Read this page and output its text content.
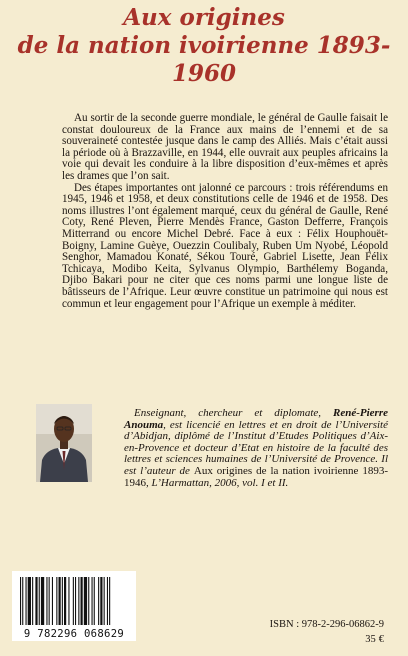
Aux origines
de la nation ivoirienne 1893-1960

Au sortir de la seconde guerre mondiale, le général de Gaulle faisait le constat douloureux de la France aux mains de l’ennemi et de sa souveraineté contestée jusque dans le camp des Alliés. Mais c’était aussi la période où à Brazzaville, en 1944, elle ouvrait aux peuples africains la voie qui devait les conduire à la libre disposition d’eux-mêmes et après les drames que l’on sait.

Des étapes importantes ont jalonné ce parcours : trois référendums en 1945, 1946 et 1958, et deux constitutions celle de 1946 et de 1958. Des noms illustres l’ont également marqué, ceux du général de Gaulle, René Coty, René Pleven, Pierre Mendès France, Gaston Defferre, François Mitterrand ou encore Michel Debré. Face à eux : Félix Houphouët-Boigny, Lamine Guèye, Ouezzin Coulibaly, Ruben Um Nyobé, Léopold Senghor, Mamadou Konaté, Sékou Touré, Gabriel Lisette, Jean Félix Tchicaya, Modibo Keita, Sylvanus Olympio, Barthélemy Boganda, Djibo Bakari pour ne citer que ces noms parmi une longue liste de bâtisseurs de l’Afrique. Leur œuvre constitue un patrimoine qui nous est commun et leur engagement pour l’Afrique un exemple à méditer.

Enseignant, chercheur et diplomate, René-Pierre Anouma, est licencié en lettres et en droit de l’Université d’Abidjan, diplômé de l’Institut d’Etudes Politiques d’Aix-en-Provence et docteur d’Etat en histoire de la faculté des lettres et sciences humaines de l’Université de Provence. Il est l’auteur de Aux origines de la nation ivoirienne 1893-1946, L’Harmattan, 2006, vol. I et II.

9 782296 068629
ISBN : 978-2-296-06862-9
35 €
